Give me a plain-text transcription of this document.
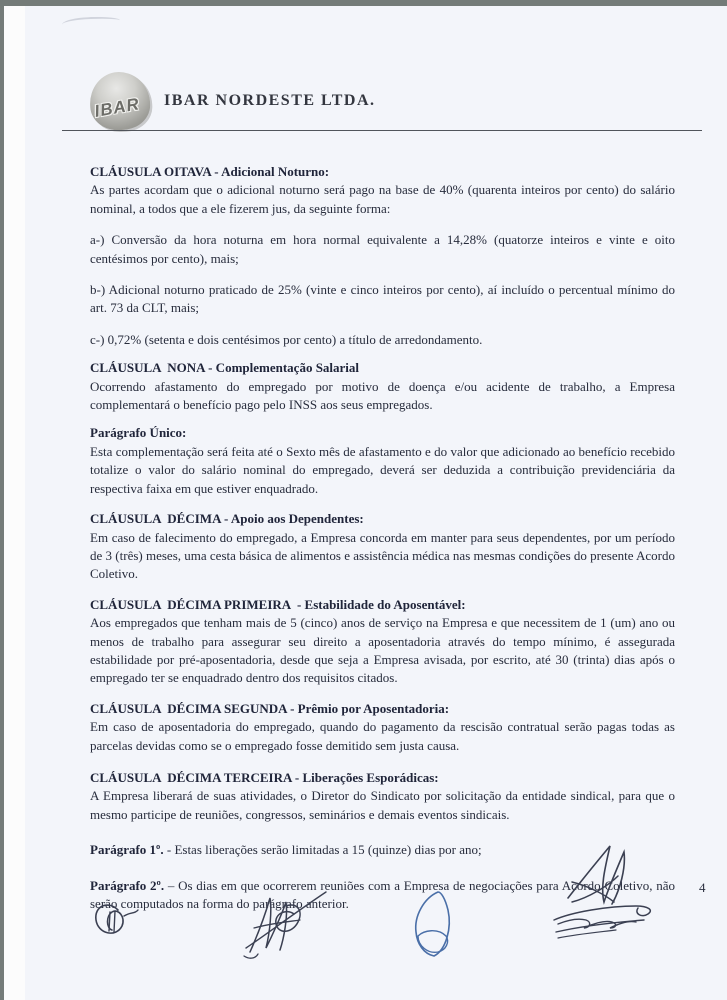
IBAR IBAR NORDESTE LTDA.
CLÁUSULA OITAVA - Adicional Noturno:

As partes acordam que o adicional noturno será pago na base de 40% (quarenta inteiros por cento) do salário nominal, a todos que a ele fizerem jus, da seguinte forma:

a-) Conversão da hora noturna em hora normal equivalente a 14,28% (quatorze inteiros e vinte e oito centésimos por cento), mais;

b-) Adicional noturno praticado de 25% (vinte e cinco inteiros por cento), aí incluído o percentual mínimo do art. 73 da CLT, mais;

c-) 0,72% (setenta e dois centésimos por cento) a título de arredondamento.

CLÁUSULA  NONA - Complementação Salarial

Ocorrendo afastamento do empregado por motivo de doença e/ou acidente de trabalho, a Empresa complementará o benefício pago pelo INSS aos seus empregados.

Parágrafo Único:

Esta complementação será feita até o Sexto mês de afastamento e do valor que adicionado ao benefício recebido totalize o valor do salário nominal do empregado, deverá ser deduzida a contribuição previdenciária da respectiva faixa em que estiver enquadrado.

CLÁUSULA  DÉCIMA - Apoio aos Dependentes:

Em caso de falecimento do empregado, a Empresa concorda em manter para seus dependentes, por um período de 3 (três) meses, uma cesta básica de alimentos e assistência médica nas mesmas condições do presente Acordo Coletivo.

CLÁUSULA  DÉCIMA PRIMEIRA  - Estabilidade do Aposentável:

Aos empregados que tenham mais de 5 (cinco) anos de serviço na Empresa e que necessitem de 1 (um) ano ou menos de trabalho para assegurar seu direito a aposentadoria através do tempo mínimo, é assegurada estabilidade por pré-aposentadoria, desde que seja a Empresa avisada, por escrito, até 30 (trinta) dias após o empregado ter se enquadrado dentro dos requisitos citados.

CLÁUSULA  DÉCIMA SEGUNDA - Prêmio por Aposentadoria:

Em caso de aposentadoria do empregado, quando do pagamento da rescisão contratual serão pagas todas as parcelas devidas como se o empregado fosse demitido sem justa causa.

CLÁUSULA  DÉCIMA TERCEIRA - Liberações Esporádicas:

A Empresa liberará de suas atividades, o Diretor do Sindicato por solicitação da entidade sindical, para que o mesmo participe de reuniões, congressos, seminários e demais eventos sindicais.

Parágrafo 1º. - Estas liberações serão limitadas a 15 (quinze) dias por ano;

Parágrafo 2º. – Os dias em que ocorrerem reuniões com a Empresa de negociações para Acordo Coletivo, não serão computados na forma do parágrafo anterior.

4
